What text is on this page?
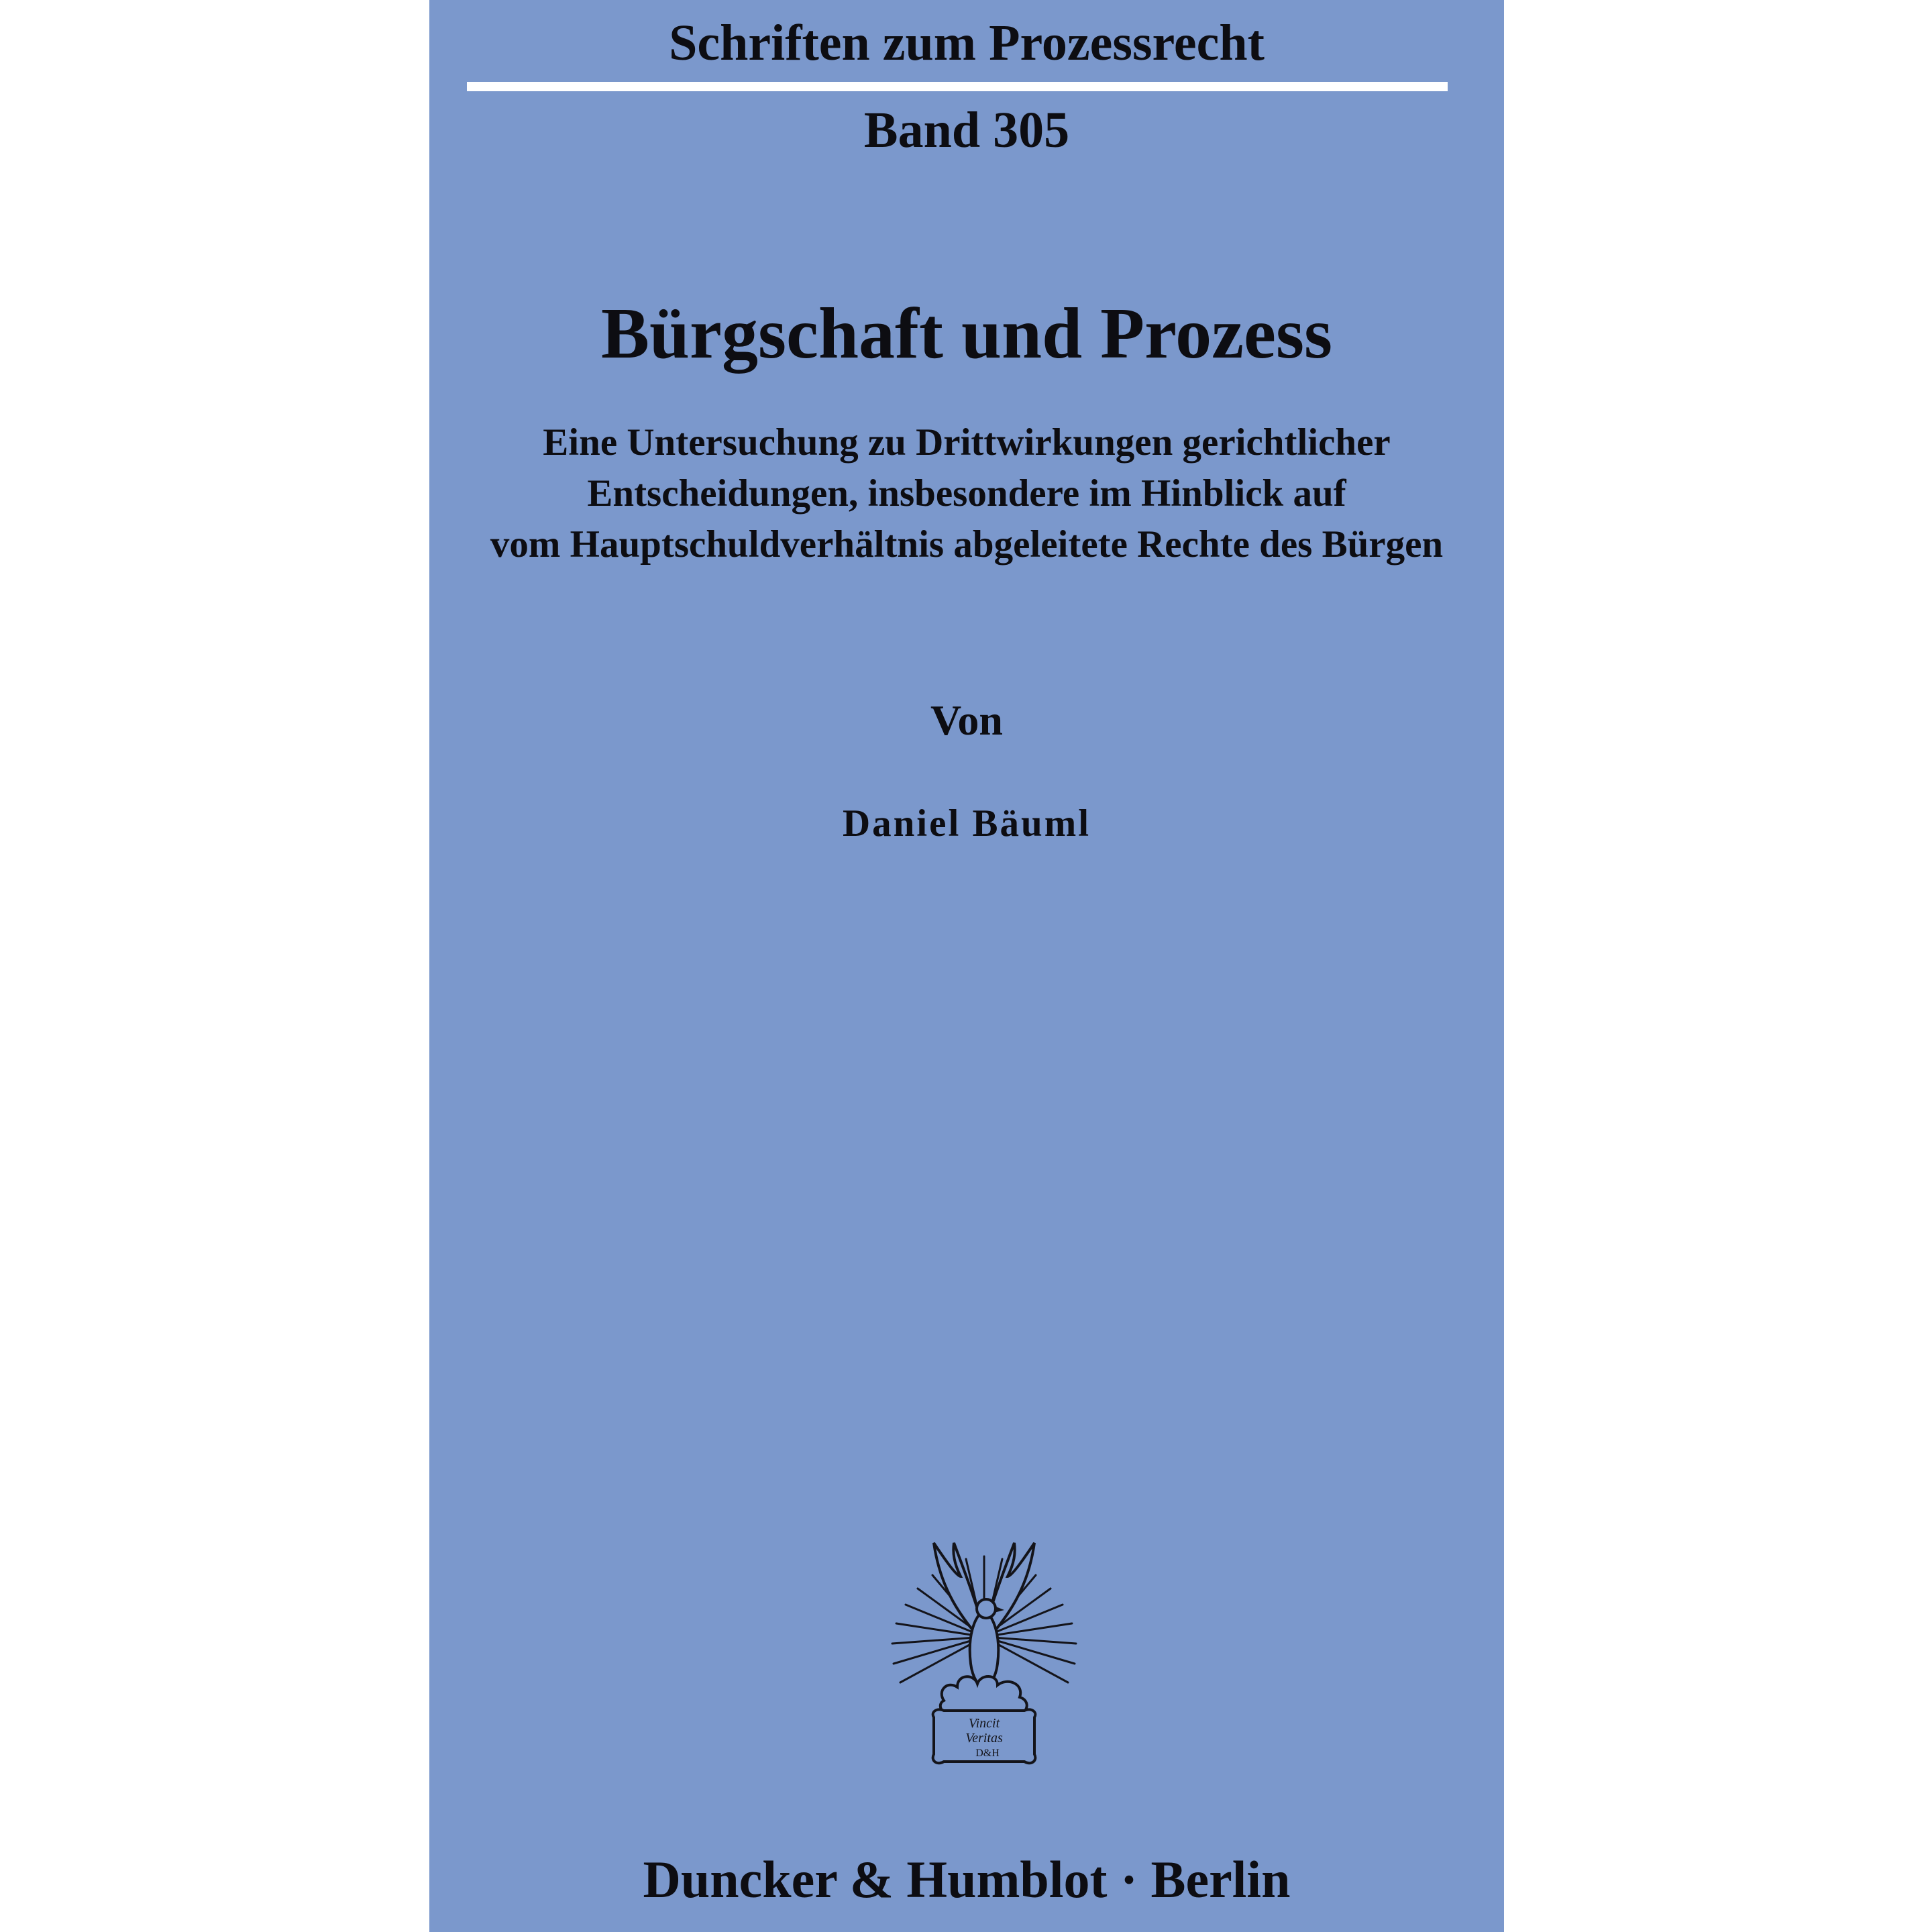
Schriften zum Prozessrecht
Band 305
Bürgschaft und Prozess
Eine Untersuchung zu Drittwirkungen gerichtlicher
Entscheidungen, insbesondere im Hinblick auf
vom Hauptschuldverhältnis abgeleitete Rechte des Bürgen
Von
Daniel Bäuml
Vincit
Veritas
D&H
Duncker & Humblot · Berlin
